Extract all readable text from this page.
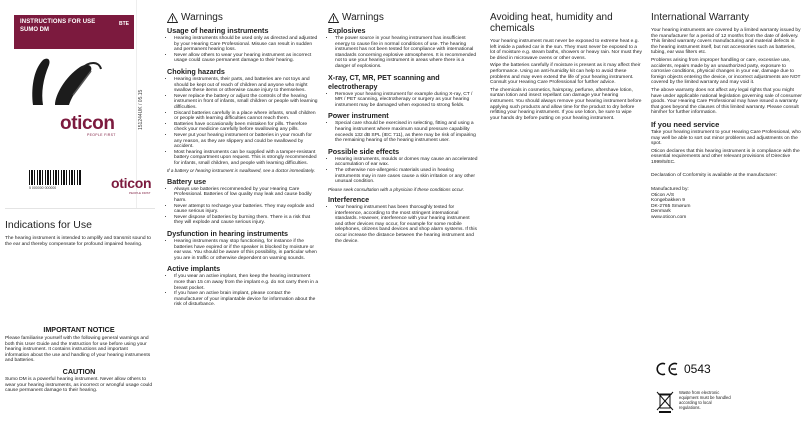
INSTRUCTIONS FOR USE
SUMO DM
BTE
oticon
PEOPLE FIRST
151244UK / 05.15
5 000000 000000	oticon
PEOPLE FIRST
Indications for Use

The hearing instrument is intended to amplify and transmit sound to the ear and thereby compensate for profound impaired hearing.

IMPORTANT NOTICE

Please familiarise yourself with the following general warnings and both this User Guide and the Instruction for use before using your hearing instrument. It contains instructions and important information about the use and handling of your hearing instruments and batteries.

CAUTION

Sumo DM is a powerful hearing instrument. Never allow others to wear your hearing instruments, as incorrect or wrongful usage could cause permanent damage to their hearing.

Warnings
Usage of hearing instruments
• Hearing instruments should be used only as directed and adjusted by your Hearing Care Professional. Misuse can result in sudden and permanent hearing loss.
• Never allow others to wear your hearing instrument as incorrect usage could cause permanent damage to their hearing.
Choking hazards
• Hearing instruments, their parts, and batteries are not toys and should be kept out of reach of children and anyone who might swallow these items or otherwise cause injury to themselves.
• Never replace the battery or adjust the controls of the hearing instrument in front of infants, small children or people with learning difficulties.
• Discard batteries carefully in a place where infants, small children or people with learning difficulties cannot reach them.
• Batteries have occasionally been mistaken for pills. Therefore check your medicine carefully before swallowing any pills.
• Never put your hearing instrument or batteries in your mouth for any reason, as they are slippery and could be swallowed by accident.
• Most hearing instruments can be supplied with a tamper-resistant battery compartment upon request. This is strongly recommended for infants, small children, and people with learning difficulties.
If a battery or hearing instrument is swallowed, see a doctor immediately.
Battery use
• Always use batteries recommended by your Hearing Care Professional. Batteries of low quality may leak and cause bodily harm.
• Never attempt to recharge your batteries. They may explode and cause serious injury.
• Never dispose of batteries by burning them. There is a risk that they will explode and cause serious injury.
Dysfunction in hearing instruments
• Hearing instruments may stop functioning, for instance if the batteries have expired or if the speaker is blocked by moisture or ear wax. You should be aware of this possibility, in particular when you are in traffic or otherwise dependent on warning sounds.
Active implants
• If you wear an active implant, then keep the hearing instrument more than 15 cm away from the implant e.g. do not carry them in a breast pocket.
• If you have an active brain implant, please contact the manufacturer of your implantable device for information about the risk of disturbance.
Warnings
Explosives
• The power source in your hearing instrument has insufficient energy to cause fire in normal conditions of use. The hearing instrument has not been tested for compliance with international standards concerning explosive atmospheres. It is recommended not to use your hearing instrument in areas where there is a danger of explosions.
X-ray, CT, MR, PET scanning and electrotherapy
• Remove your hearing instrument for example during X-ray, CT / MR / PET scanning, electrotherapy or surgery as your hearing instrument may be damaged when exposed to strong fields.
Power instrument
• Special care should be exercised in selecting, fitting and using a hearing instrument where maximum sound pressure capability exceeds 132 dB SPL (IEC 711), as there may be risk of impairing the remaining hearing of the hearing instrument user.
Possible side effects
• Hearing instruments, moulds or domes may cause an accelerated accumulation of ear wax.
• The otherwise non-allergenic materials used in hearing instruments may in rare cases cause a skin irritation or any other unusual condition.
Please seek consultation with a physician if these conditions occur.
Interference
• Your hearing instrument has been thoroughly tested for interference, according to the most stringent international standards. However, interference with your hearing instrument and other devices may occur, for example for some mobile telephones, citizens band devices and shop alarm systems. If this occur increase the distance between the hearing instrument and the device.
Avoiding heat, humidity and chemicals

Your hearing instrument must never be exposed to extreme heat e.g. left inside a parked car in the sun. They must never be exposed to a lot of moisture e.g. steam baths, showers or heavy rain. Nor must they be dried in microwave ovens or other ovens.

Wipe the batteries carefully if moisture is present as it may affect their performance. Using an anti-humidity kit can help to avoid these problems and may even extend the life of your hearing instrument. Consult your Hearing Care Professional for further advice.

The chemicals in cosmetics, hairspray, perfume, aftershave lotion, suntan lotion and insect repellant can damage your hearing instrument. You should always remove your hearing instrument before applying such products and allow time for the product to dry before refitting your hearing instrument. If you use lotion, be sure to wipe your hands dry before putting on your hearing instrument.

International Warranty

Your hearing instruments are covered by a limited warranty issued by the manufacturer for a period of 12 months from the date of delivery. This limited warranty covers manufacturing and material defects in the hearing instrument itself, but not accessories such as batteries, tubing, ear wax filters etc.

Problems arising from improper handling or care, excessive use, accidents, repairs made by an unauthorized party, exposure to corrosive conditions, physical changes in your ear, damage due to foreign objects entering the device, or incorrect adjustments are NOT covered by the limited warranty and may void it.

The above warranty does not affect any legal rights that you might have under applicable national legislation governing sale of consumer goods. Your Hearing Care Professional may have issued a warranty that goes beyond the clauses of this limited warranty. Please consult him/her for further information.

If you need service

Take your hearing instrument to your Hearing Care Professional, who may well be able to sort out minor problems and adjustments on the spot.

Oticon declares that this hearing instrument is in compliance with the essential requirements and other relevant provisions of Directive 1999/5/EC.

Declaration of Conformity is available at the manufacturer:

Manufactured by:

Oticon A/S

Kongebakken 9

DK-2765 Smørum

Denmark

www.oticon.com

0543

Waste from electronic equipment must be handled according to local regulations.
